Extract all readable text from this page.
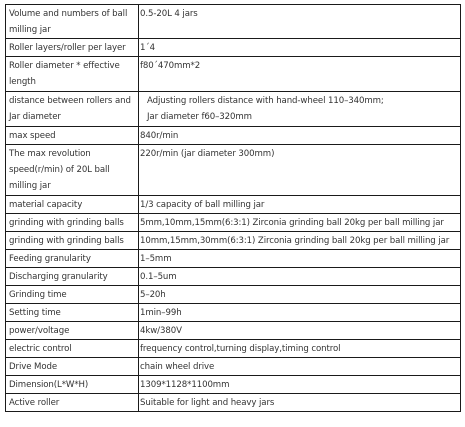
Volume and numbers of ball milling jar	0.5-20L 4 jars
Roller layers/roller per layer	1´4
Roller diameter * effective length	f80´470mm*2
distance between rollers and Jar diameter	Adjusting rollers distance with hand-wheel 110–340mm;
Jar diameter f60–320mm

max speed	840r/min
The max revolution speed(r/min) of 20L ball milling jar	220r/min (jar diameter 300mm)
material capacity	1/3 capacity of ball milling jar
grinding with grinding balls	5mm,10mm,15mm(6:3:1) Zirconia grinding ball 20kg per ball milling jar
grinding with grinding balls	10mm,15mm,30mm(6:3:1) Zirconia grinding ball 20kg per ball milling jar
Feeding granularity	1–5mm
Discharging granularity	0.1–5um
Grinding time	5–20h
Setting time	1min–99h
power/voltage	4kw/380V
electric control	frequency control,turning display,timing control
Drive Mode	chain wheel drive
Dimension(L*W*H)	1309*1128*1100mm
Active roller	Suitable for light and heavy jars
